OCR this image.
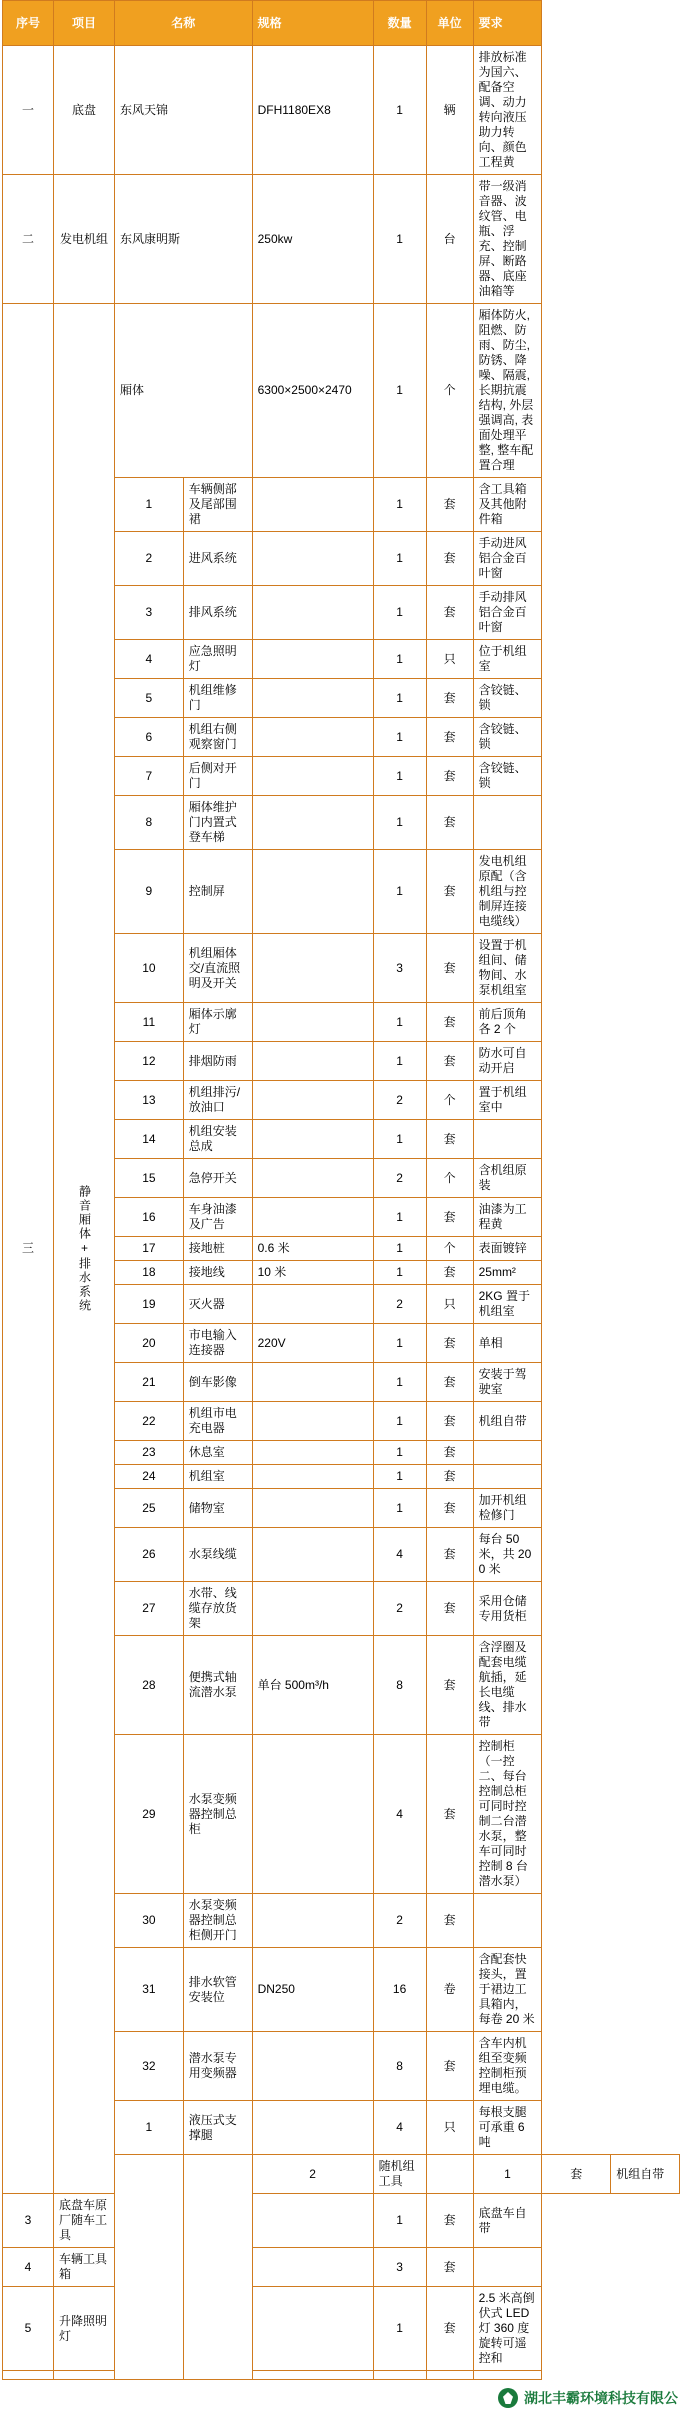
序号	项目	名称		规格	数量	单位	要求		
一	底盘	东风天锦		DFH1180EX8	1	辆	排放标准为国六、配备空调、动力转向液压助力转向、颜色工程黄		
二	发电机组	东风康明斯		250kw	1	台	带一级消音器、波纹管、电瓶、浮充、控制屏、断路器、底座油箱等		
三	静音厢体+排水系统	厢体		6300×2500×2470	1	个	厢体防火, 阻燃、防雨、防尘, 防锈、降噪、隔震, 长期抗震结构, 外层强调高, 表面处理平整, 整车配置合理		
		1	车辆侧部及尾部围裙		1	套	含工具箱及其他附件箱		
		2	进风系统		1	套	手动进风铝合金百叶窗		
		3	排风系统		1	套	手动排风铝合金百叶窗		
		4	应急照明灯		1	只	位于机组室		
		5	机组维修门		1	套	含铰链、锁		
		6	机组右侧观察窗门		1	套	含铰链、锁		
		7	后侧对开门		1	套	含铰链、锁		
		8	厢体维护门内置式登车梯		1	套			
		9	控制屏		1	套	发电机组原配（含机组与控制屏连接电缆线）		
		10	机组厢体交/直流照明及开关		3	套	设置于机组间、储物间、水泵机组室		
		11	厢体示廓灯		1	套	前后顶角各 2 个		
		12	排烟防雨		1	套	防水可自动开启		
		13	机组排污/放油口		2	个	置于机组室中		
		14	机组安装总成		1	套			
		15	急停开关		2	个	含机组原装		
		16	车身油漆及广告		1	套	油漆为工程黄		
		17	接地桩	0.6 米	1	个	表面镀锌		
		18	接地线	10 米	1	套	25mm²		
		19	灭火器		2	只	2KG 置于机组室		
		20	市电输入连接器	220V	1	套	单相		
		21	倒车影像		1	套	安装于驾驶室		
		22	机组市电充电器		1	套	机组自带		
		23	休息室		1	套			
		24	机组室		1	套			
		25	储物室		1	套	加开机组检修门		
		26	水泵线缆		4	套	每台 50 米，共 200 米		
		27	水带、线缆存放货架		2	套	采用仓储专用货柜		
		28	便携式轴流潜水泵	单台 500m³/h	8	套	含浮圈及配套电缆航插，延长电缆线、排水带		
		29	水泵变频器控制总柜		4	套	控制柜（一控二、每台控制总柜可同时控制二台潜水泵，整车可同时控制 8 台潜水泵）		
		30	水泵变频器控制总柜侧开门		2	套			
		31	排水软管安装位	DN250	16	卷	含配套快接头，置于裙边工具箱内，每卷 20 米		
		32	潜水泵专用变频器		8	套	含车内机组至变频控制柜预埋电缆。		
		1	液压式支撑腿		4	只	每根支腿可承重 6 吨		
				2	随机组工具		1	套	机组自带
3	底盘车原厂随车工具				1	套	底盘车自带		
4	车辆工具箱				3	套			
5	升降照明灯				1	套	2.5 米高倒伏式 LED 灯 360 度旋转可遥控和		

湖北丰霸环境科技有限公
